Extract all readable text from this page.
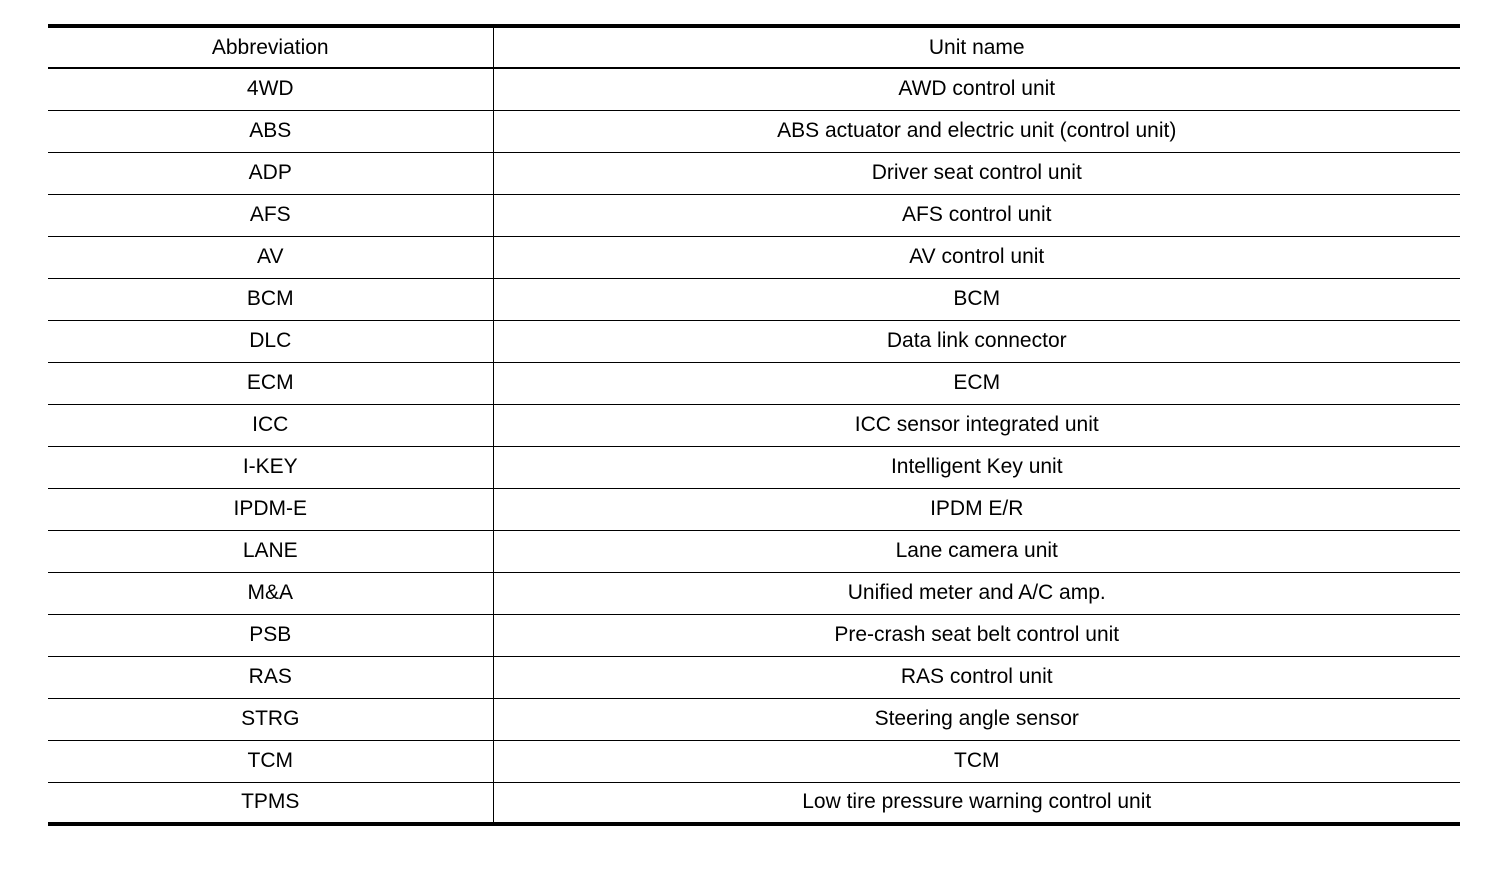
Abbreviation	Unit name
4WD	AWD control unit
ABS	ABS actuator and electric unit (control unit)
ADP	Driver seat control unit
AFS	AFS control unit
AV	AV control unit
BCM	BCM
DLC	Data link connector
ECM	ECM
ICC	ICC sensor integrated unit
I-KEY	Intelligent Key unit
IPDM-E	IPDM E/R
LANE	Lane camera unit
M&A	Unified meter and A/C amp.
PSB	Pre-crash seat belt control unit
RAS	RAS control unit
STRG	Steering angle sensor
TCM	TCM
TPMS	Low tire pressure warning control unit
